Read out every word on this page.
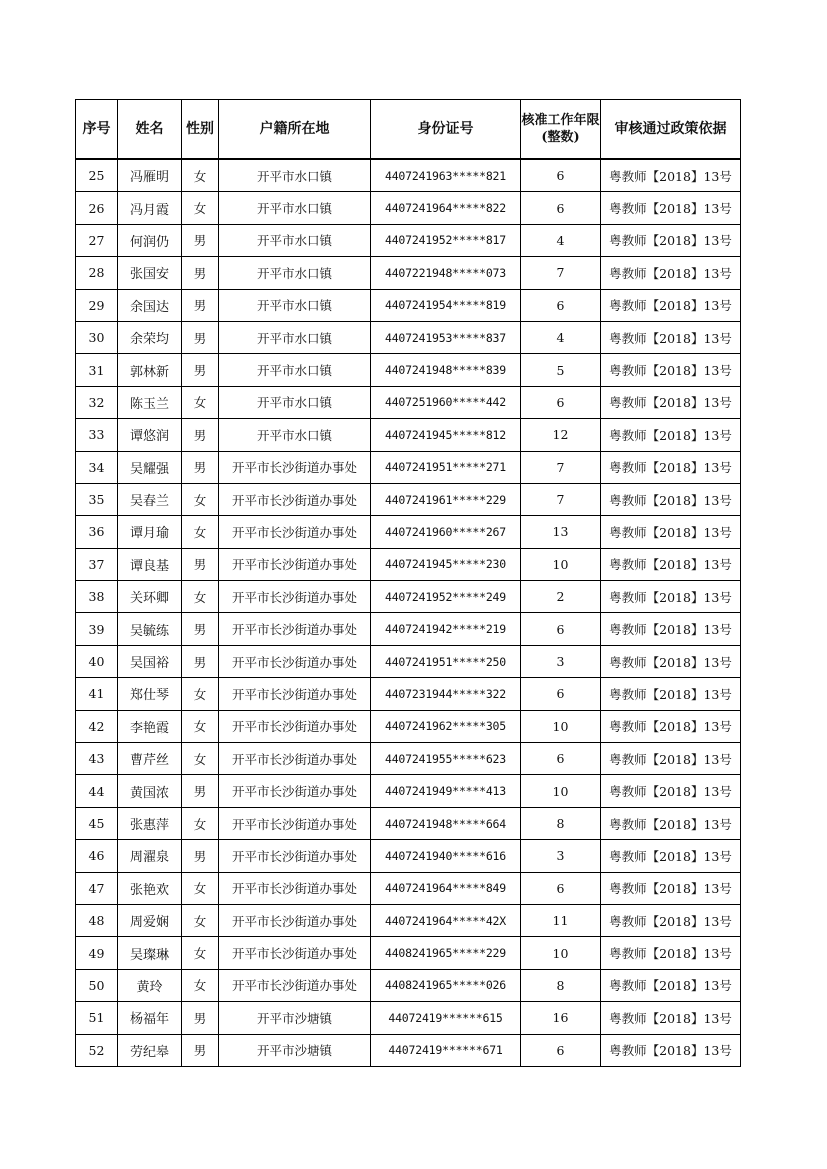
序号	姓名	性别	户籍所在地	身份证号	核准工作年限(整数)	审核通过政策依据
25	冯雁明	女	开平市水口镇	4407241963*****821	6	粤教师【2018】13号
26	冯月霞	女	开平市水口镇	4407241964*****822	6	粤教师【2018】13号
27	何润仍	男	开平市水口镇	4407241952*****817	4	粤教师【2018】13号
28	张国安	男	开平市水口镇	4407221948*****073	7	粤教师【2018】13号
29	余国达	男	开平市水口镇	4407241954*****819	6	粤教师【2018】13号
30	余荣均	男	开平市水口镇	4407241953*****837	4	粤教师【2018】13号
31	郭林新	男	开平市水口镇	4407241948*****839	5	粤教师【2018】13号
32	陈玉兰	女	开平市水口镇	4407251960*****442	6	粤教师【2018】13号
33	谭悠润	男	开平市水口镇	4407241945*****812	12	粤教师【2018】13号
34	吴耀强	男	开平市长沙街道办事处	4407241951*****271	7	粤教师【2018】13号
35	吴春兰	女	开平市长沙街道办事处	4407241961*****229	7	粤教师【2018】13号
36	谭月瑜	女	开平市长沙街道办事处	4407241960*****267	13	粤教师【2018】13号
37	谭良基	男	开平市长沙街道办事处	4407241945*****230	10	粤教师【2018】13号
38	关环卿	女	开平市长沙街道办事处	4407241952*****249	2	粤教师【2018】13号
39	吴毓练	男	开平市长沙街道办事处	4407241942*****219	6	粤教师【2018】13号
40	吴国裕	男	开平市长沙街道办事处	4407241951*****250	3	粤教师【2018】13号
41	郑仕琴	女	开平市长沙街道办事处	4407231944*****322	6	粤教师【2018】13号
42	李艳霞	女	开平市长沙街道办事处	4407241962*****305	10	粤教师【2018】13号
43	曹芹丝	女	开平市长沙街道办事处	4407241955*****623	6	粤教师【2018】13号
44	黄国浓	男	开平市长沙街道办事处	4407241949*****413	10	粤教师【2018】13号
45	张惠萍	女	开平市长沙街道办事处	4407241948*****664	8	粤教师【2018】13号
46	周濯泉	男	开平市长沙街道办事处	4407241940*****616	3	粤教师【2018】13号
47	张艳欢	女	开平市长沙街道办事处	4407241964*****849	6	粤教师【2018】13号
48	周爱娴	女	开平市长沙街道办事处	4407241964*****42X	11	粤教师【2018】13号
49	吴璨琳	女	开平市长沙街道办事处	4408241965*****229	10	粤教师【2018】13号
50	黄玲	女	开平市长沙街道办事处	4408241965*****026	8	粤教师【2018】13号
51	杨福年	男	开平市沙塘镇	44072419******615	16	粤教师【2018】13号
52	劳纪皋	男	开平市沙塘镇	44072419******671	6	粤教师【2018】13号
